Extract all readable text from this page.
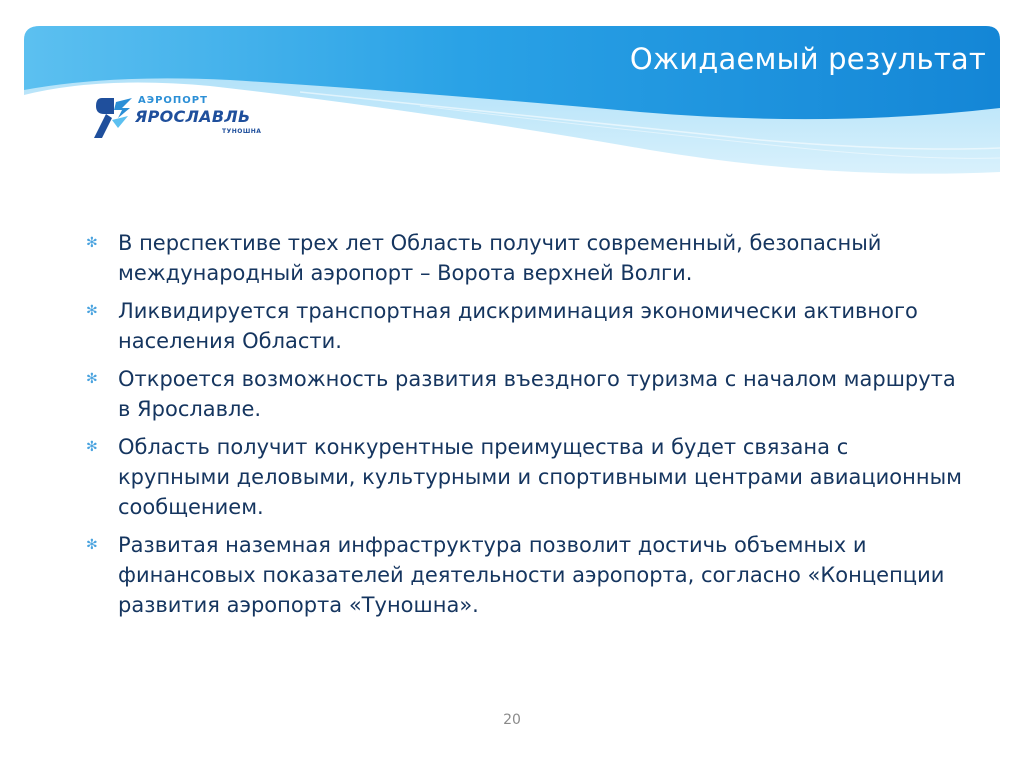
Ожидаемый результат
АЭРОПОРТ
ЯРОСЛАВЛЬ
ТУНОШНА
✻ В перспективе трех лет Область получит современный, безопасный международный аэропорт – Ворота верхней Волги.
✻ Ликвидируется транспортная дискриминация экономически активного населения Области.
✻ Откроется возможность развития въездного туризма с началом маршрута в Ярославле.
✻ Область получит конкурентные преимущества и будет связана с крупными деловыми, культурными и спортивными центрами авиационным сообщением.
✻ Развитая наземная инфраструктура позволит достичь объемных и финансовых показателей деятельности аэропорта, согласно «Концепции развития аэропорта «Туношна».
20
